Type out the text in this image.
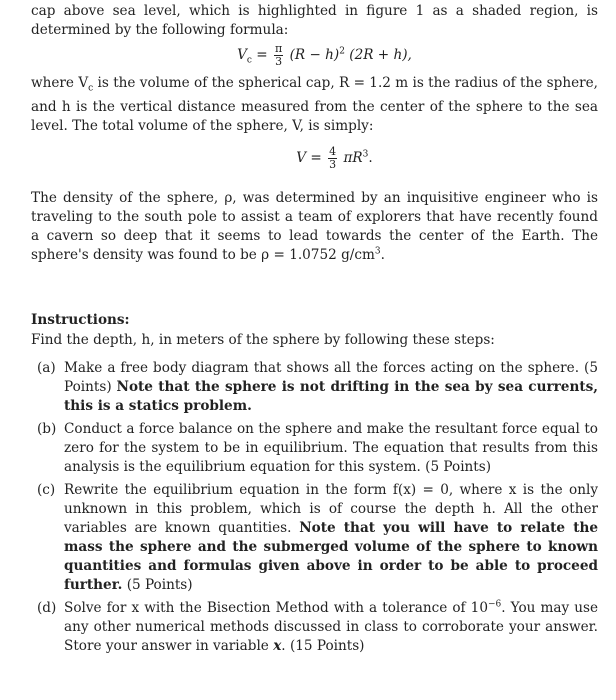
cap above sea level, which is highlighted in figure 1 as a shaded region, is determined by the following formula:

$V_c = \frac{\pi}{3} (R - h)^2$ (2R + h),

where $V_c$ is the volume of the spherical cap, R = 1.2 m is the radius of the sphere, and h is the vertical distance measured from the center of the sphere to the sea level. The total volume of the sphere, V, is simply:

$V = \frac{4}{3} \pi R^3$.

The density of the sphere, ρ, was determined by an inquisitive engineer who is traveling to the south pole to assist a team of explorers that have recently found a cavern so deep that it seems to lead towards the center of the Earth. The sphere's density was found to be ρ = 1.0752 $g/cm^3$.

Instructions:

Find the depth, h, in meters of the sphere by following these steps:

(a) Make a free body diagram that shows all the forces acting on the sphere. (5 Points) Note that the sphere is not drifting in the sea by sea currents, this is a statics problem.

(b) Conduct a force balance on the sphere and make the resultant force equal to zero for the system to be in equilibrium. The equation that results from this analysis is the equilibrium equation for this system. (5 Points)

(c) Rewrite the equilibrium equation in the form f(x) = 0, where x is the only unknown in this problem, which is of course the depth h. All the other variables are known quantities. Note that you will have to relate the mass the sphere and the submerged volume of the sphere to known quantities and formulas given above in order to be able to proceed further. (5 Points)

(d) Solve for x with the Bisection Method with a tolerance of $10^{-6}$. You may use any other numerical methods discussed in class to corroborate your answer. Store your answer in variable x. (15 Points)
